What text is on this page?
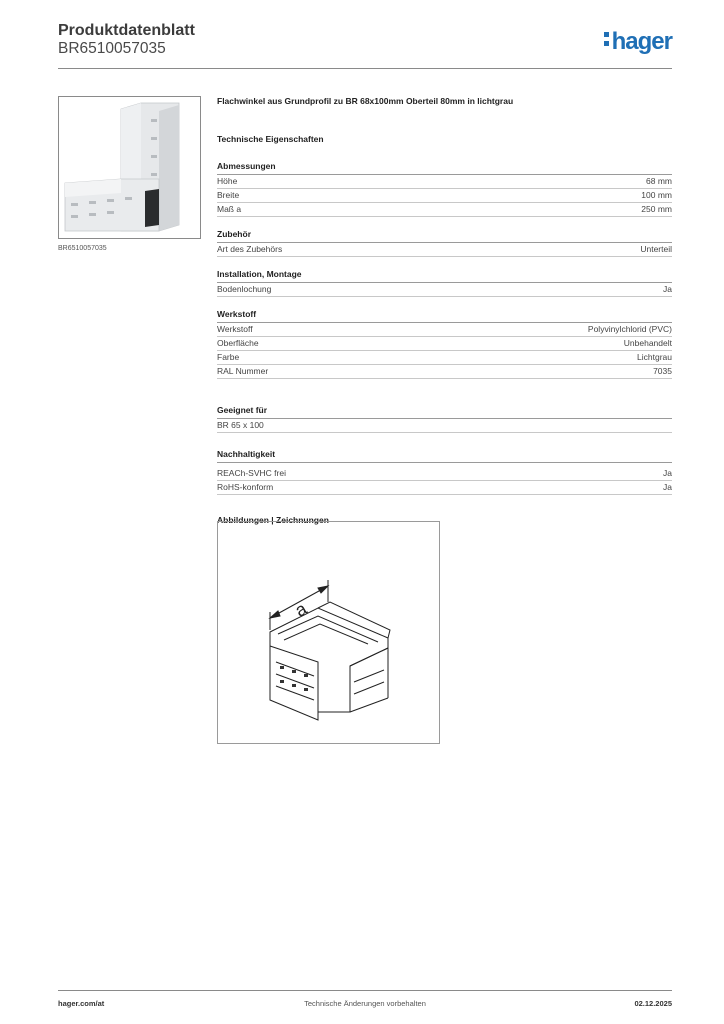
Produktdatenblatt
BR6510057035	hager
BR6510057035
Flachwinkel aus Grundprofil zu BR 68x100mm Oberteil 80mm in lichtgrau
Technische Eigenschaften
Abmessungen
Höhe	68 mm
Breite	100 mm
Maß a	250 mm
Zubehör
Art des Zubehörs	Unterteil
Installation, Montage
Bodenlochung	Ja
Werkstoff
Werkstoff	Polyvinylchlorid (PVC)
Oberfläche	Unbehandelt
Farbe	Lichtgrau
RAL Nummer	7035
Geeignet für
BR 65 x 100
Nachhaltigkeit
REACh-SVHC frei	Ja
RoHS-konform	Ja
Abbildungen | Zeichnungen
a
hager.com/at	Technische Änderungen vorbehalten	02.12.2025
